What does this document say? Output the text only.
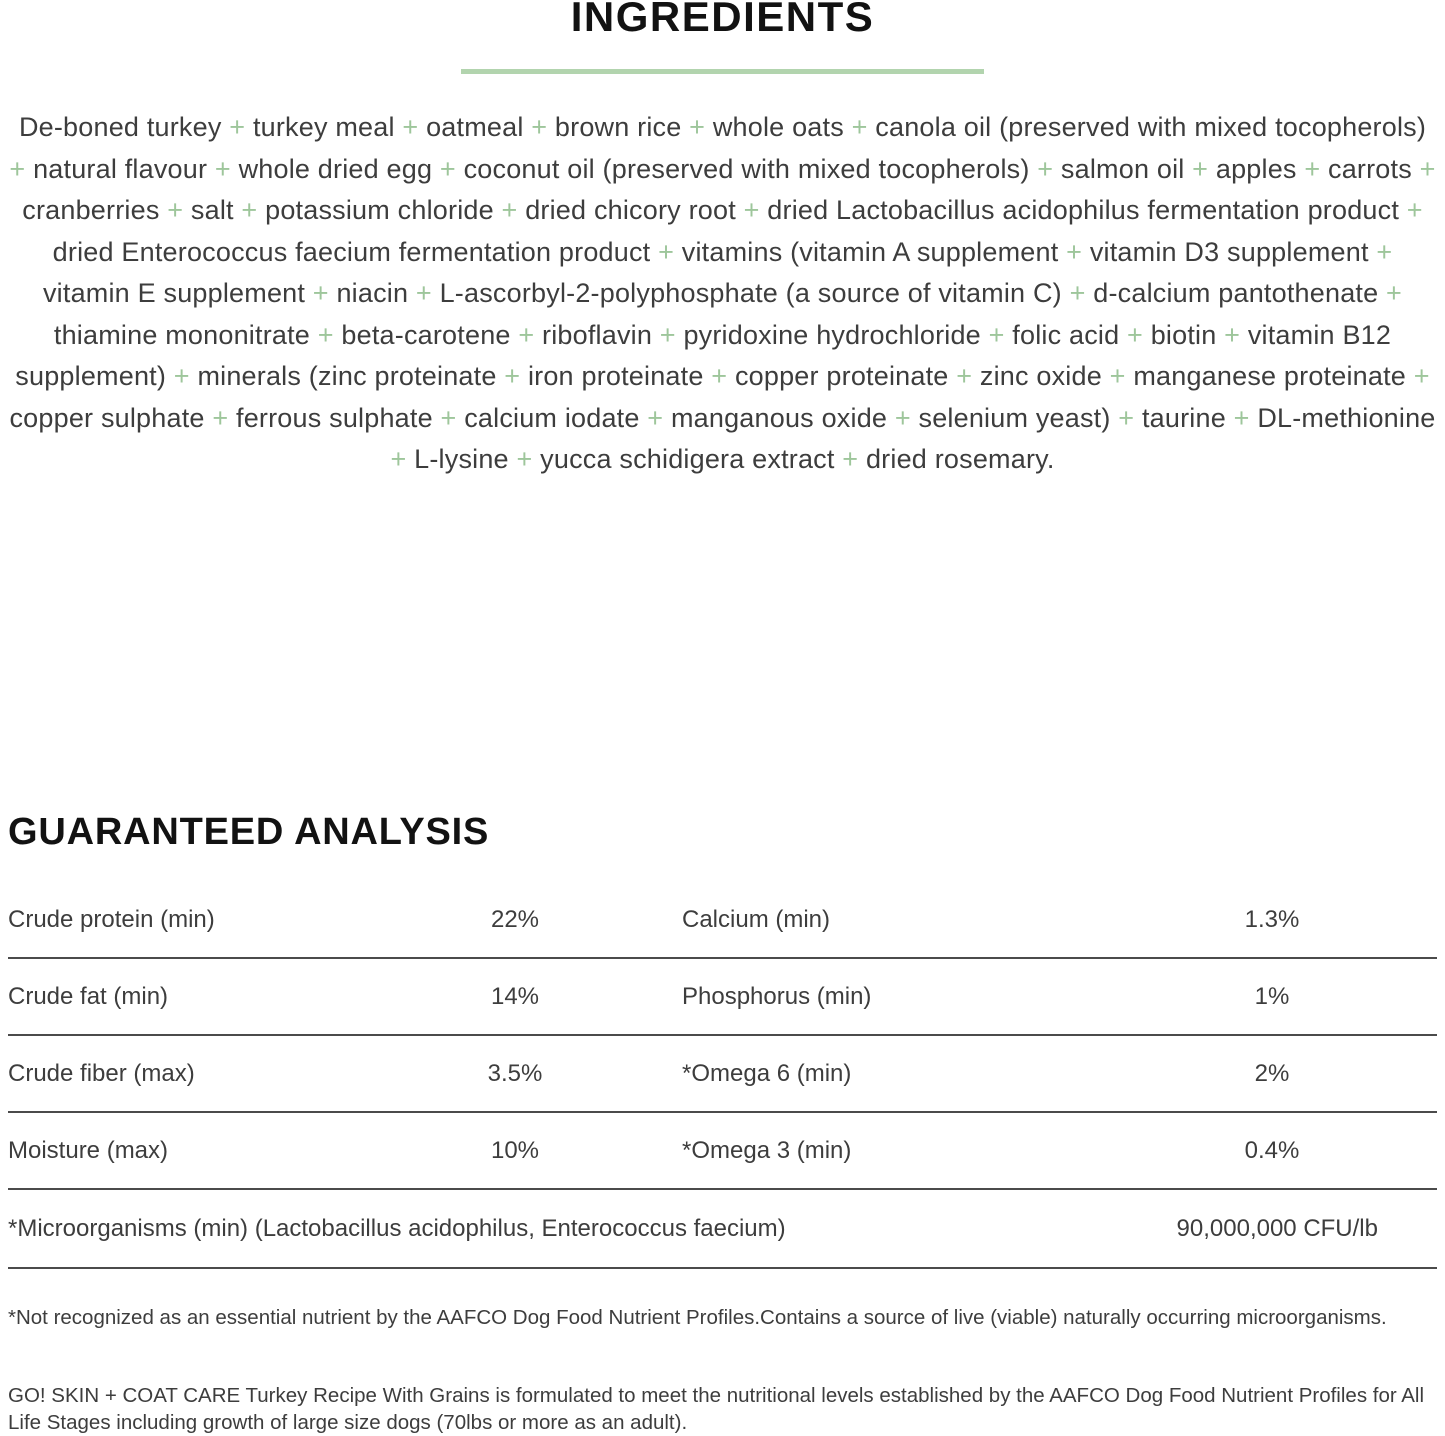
INGREDIENTS

De-boned turkey + turkey meal + oatmeal + brown rice + whole oats + canola oil (preserved with mixed tocopherols) + natural flavour + whole dried egg + coconut oil (preserved with mixed tocopherols) + salmon oil + apples + carrots + cranberries + salt + potassium chloride + dried chicory root + dried Lactobacillus acidophilus fermentation product + dried Enterococcus faecium fermentation product + vitamins (vitamin A supplement + vitamin D3 supplement + vitamin E supplement + niacin + L-ascorbyl-2-polyphosphate (a source of vitamin C) + d-calcium pantothenate + thiamine mononitrate + beta-carotene + riboflavin + pyridoxine hydrochloride + folic acid + biotin + vitamin B12 supplement) + minerals (zinc proteinate + iron proteinate + copper proteinate + zinc oxide + manganese proteinate + copper sulphate + ferrous sulphate + calcium iodate + manganous oxide + selenium yeast) + taurine + DL-methionine + L-lysine + yucca schidigera extract + dried rosemary.

GUARANTEED ANALYSIS
Crude protein (min)	22%	Calcium (min)	1.3%
Crude fat (min)	14%	Phosphorus (min)	1%
Crude fiber (max)	3.5%	*Omega 6 (min)	2%
Moisture (max)	10%	*Omega 3 (min)	0.4%
*Microorganisms (min) (Lactobacillus acidophilus, Enterococcus faecium)	90,000,000 CFU/lb

*Not recognized as an essential nutrient by the AAFCO Dog Food Nutrient Profiles.Contains a source of live (viable) naturally occurring microorganisms.

GO! SKIN + COAT CARE Turkey Recipe With Grains is formulated to meet the nutritional levels established by the AAFCO Dog Food Nutrient Profiles for All Life Stages including growth of large size dogs (70lbs or more as an adult).
